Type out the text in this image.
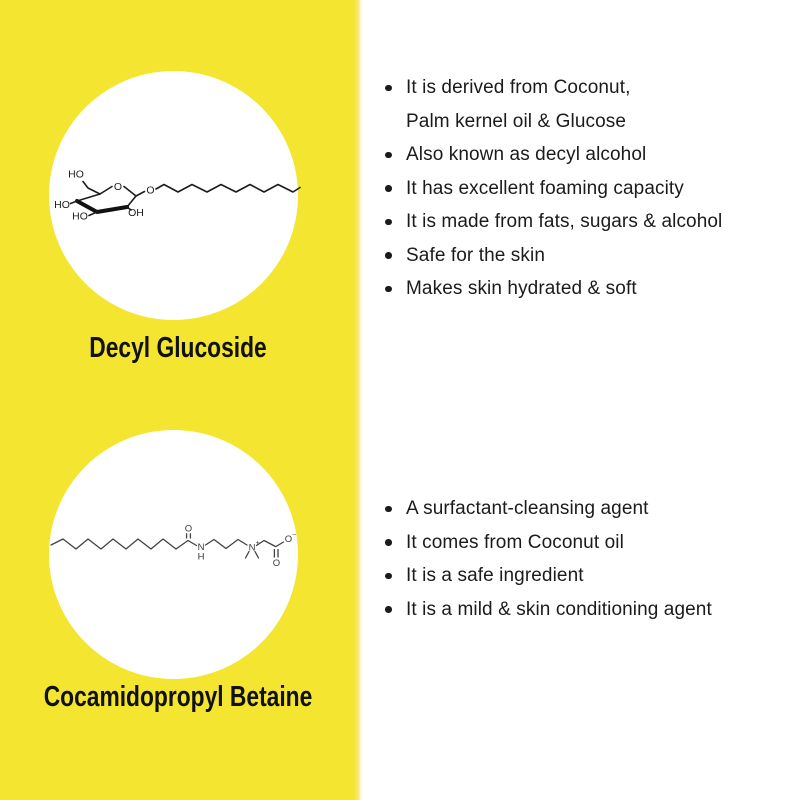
HO
O O
HO
HO	OH
O
N
H
N +	O −
O
Decyl Glucoside
Cocamidopropyl Betaine
It is derived from Coconut,
Palm kernel oil & Glucose
Also known as decyl alcohol
It has excellent foaming capacity
It is made from fats, sugars & alcohol
Safe for the skin
Makes skin hydrated & soft
A surfactant-cleansing agent
It comes from Coconut oil
It is a safe ingredient
It is a mild & skin conditioning agent
